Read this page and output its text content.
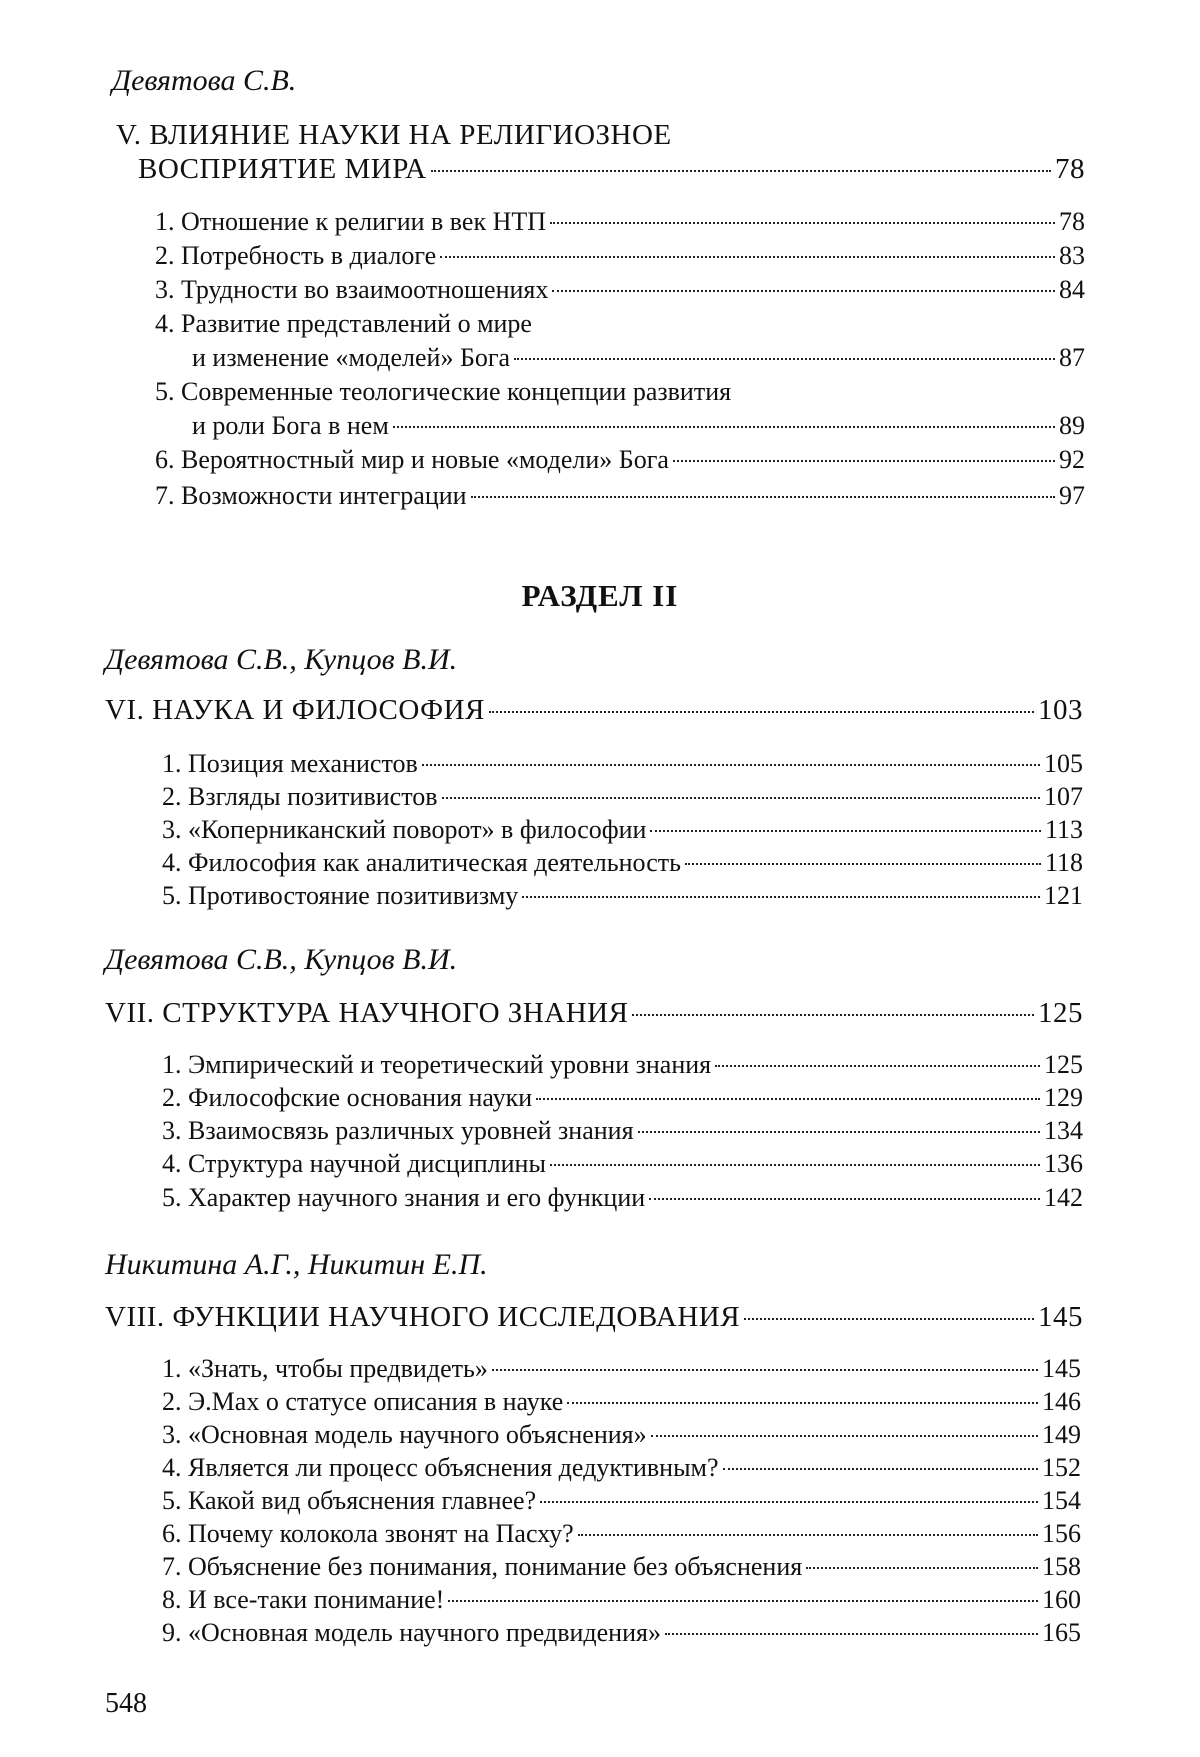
Девятова С.В.
V. ВЛИЯНИЕ НАУКИ НА РЕЛИГИОЗНОЕ
ВОСПРИЯТИЕ МИРА	78
1. Отношение к религии в век НТП	78
2. Потребность в диалоге	83
3. Трудности во взаимоотношениях	84
4. Развитие представлений о мире
и изменение «моделей» Бога	87
5. Современные теологические концепции развития
и роли Бога в нем	89
6. Вероятностный мир и новые «модели» Бога	92
7. Возможности интеграции	97
РАЗДЕЛ II
Девятова С.В., Купцов В.И.
VI. НАУКА И ФИЛОСОФИЯ	103
1. Позиция механистов	105
2. Взгляды позитивистов	107
3. «Коперниканский поворот» в философии	113
4. Философия как аналитическая деятельность	118
5. Противостояние позитивизму	121
Девятова С.В., Купцов В.И.
VII. СТРУКТУРА НАУЧНОГО ЗНАНИЯ	125
1. Эмпирический и теоретический уровни знания	125
2. Философские основания науки	129
3. Взаимосвязь различных уровней знания	134
4. Структура научной дисциплины	136
5. Характер научного знания и его функции	142
Никитина А.Г., Никитин Е.П.
VIII. ФУНКЦИИ НАУЧНОГО ИССЛЕДОВАНИЯ	145
1. «Знать, чтобы предвидеть»	145
2. Э.Мах о статусе описания в науке	146
3. «Основная модель научного объяснения»	149
4. Является ли процесс объяснения дедуктивным?	152
5. Какой вид объяснения главнее?	154
6. Почему колокола звонят на Пасху?	156
7. Объяснение без понимания, понимание без объяснения	158
8. И все-таки понимание!	160
9. «Основная модель научного предвидения»	165
548
